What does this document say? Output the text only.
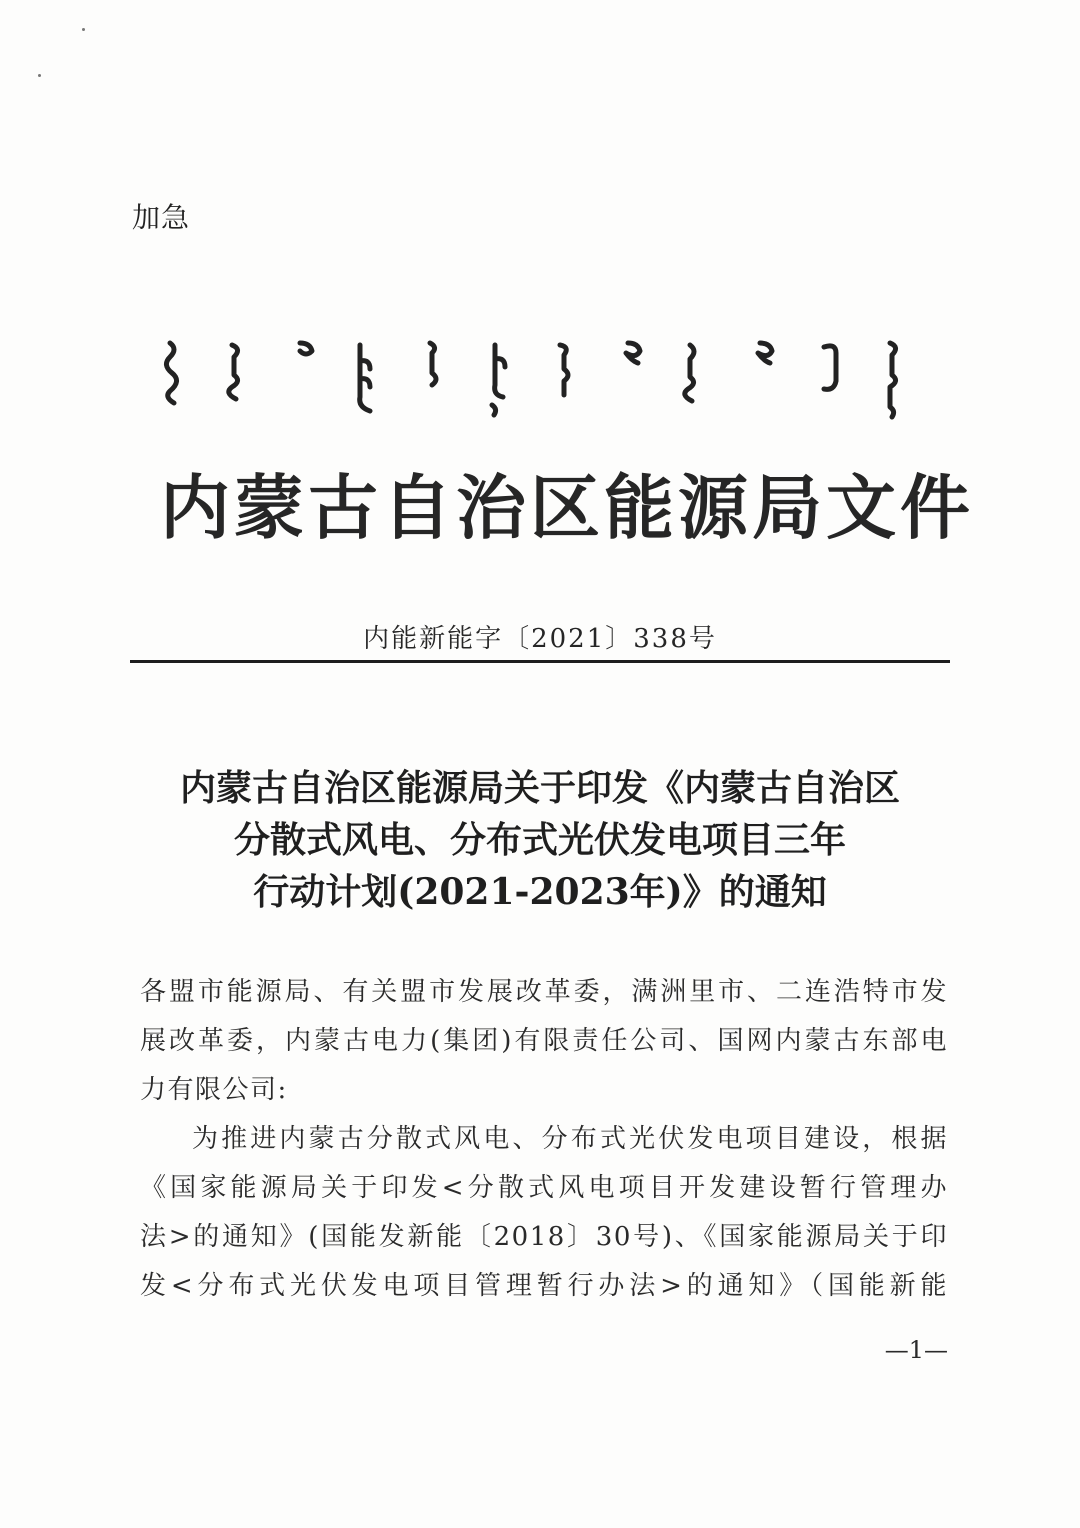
加急
内蒙古自治区能源局文件
内能新能字〔2021〕338号
内蒙古自治区能源局关于印发《内蒙古自治区
分散式风电、分布式光伏发电项目三年
行动计划(2021-2023年)》的通知
各盟市能源局、有关盟市发展改革委，满洲里市、二连浩特市发
展改革委，内蒙古电力(集团)有限责任公司、国网内蒙古东部电
力有限公司:
为推进内蒙古分散式风电、分布式光伏发电项目建设，根据
《国家能源局关于印发<分散式风电项目开发建设暂行管理办
法>的通知》(国能发新能〔2018〕30号)、《国家能源局关于印
发<分布式光伏发电项目管理暂行办法>的通知》（国能新能
—1—
